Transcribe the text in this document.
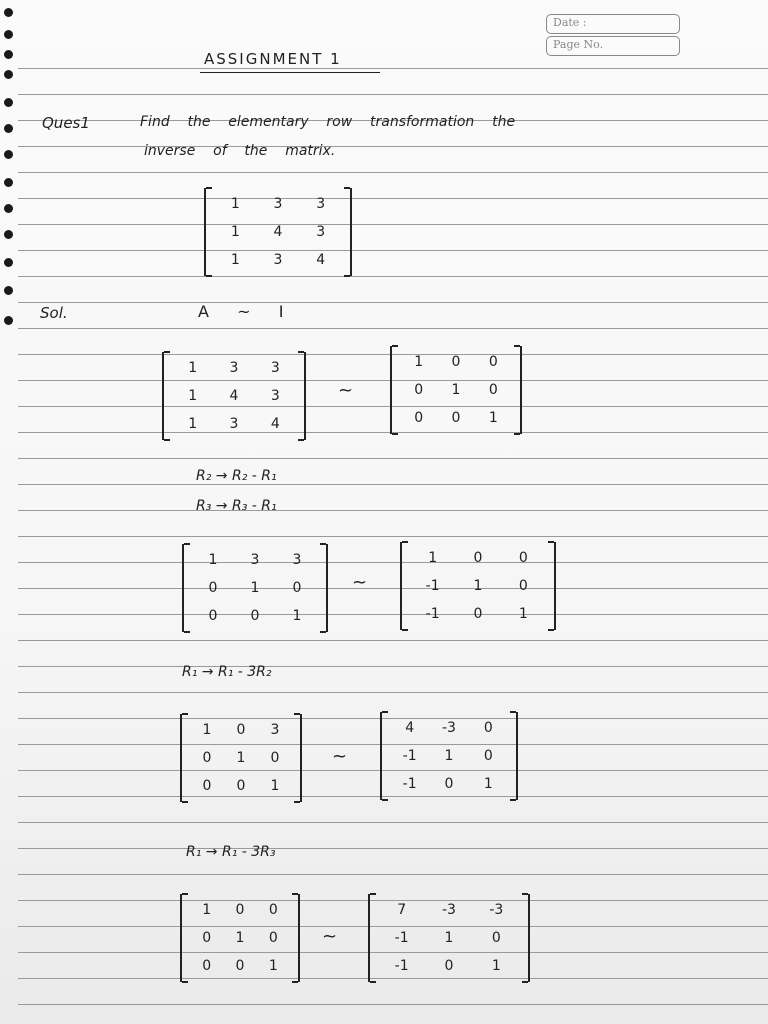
Date :
Page No.
ASSIGNMENT 1
Ques1	Find    the    elementary    row    transformation    the
inverse    of    the    matrix.
1	3	3
1	4	3
1	3	4
Sol.	A  ~  I
1	3	3
1	4	3
1	3	4
~
1	0	0
0	1	0
0	0	1
R₂ → R₂ - R₁
R₃ → R₃ - R₁
1	3	3
0	1	0
0	0	1
~
1	0	0
-1	1	0
-1	0	1
R₁ → R₁ - 3R₂
1	0	3
0	1	0
0	0	1
~
4	-3	0
-1	1	0
-1	0	1
R₁ → R₁ - 3R₃
1	0	0
0	1	0
0	0	1
~
7	-3	-3
-1	1	0
-1	0	1
